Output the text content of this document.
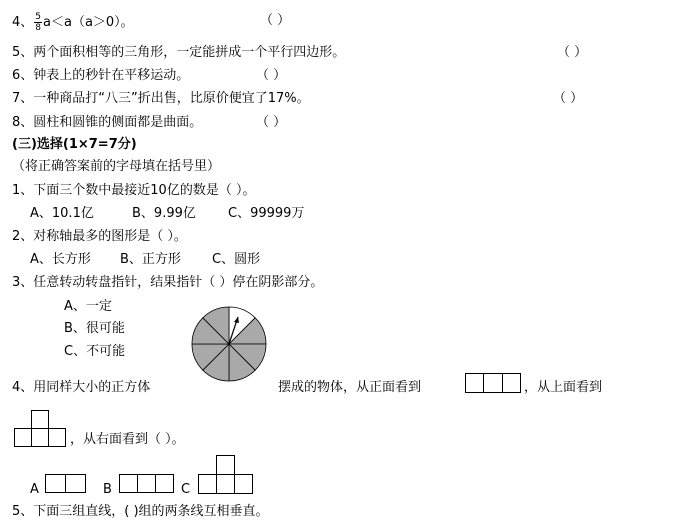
4、 $\frac{5}{8} a<a(a>0)$。	（ ）
5、两个面积相等的三角形，一定能拼成一个平行四边形。	（ ）
6、钟表上的秒针在平移运动。	（ ）
7、一种商品打“八三”折出售，比原价便宜了17%。	（ ）
8、圆柱和圆锥的侧面都是曲面。	（ ）
(三)选择(1×7=7分)
（将正确答案前的字母填在括号里）
1、下面三个数中最接近10亿的数是（ ）。
A、10.1亿	B、9.99亿 C、99999万
2、对称轴最多的图形是（ ）。
A、长方形 B、正方形 C、圆形
3、任意转动转盘指针，结果指针（ ）停在阴影部分。
A、一定
B、很可能
C、不可能
4、用同样大小的正方体	摆成的物体，从正面看到	，从上面看到
，从右面看到（ ）。
A	B	C
5、下面三组直线，( )组的两条线互相垂直。
